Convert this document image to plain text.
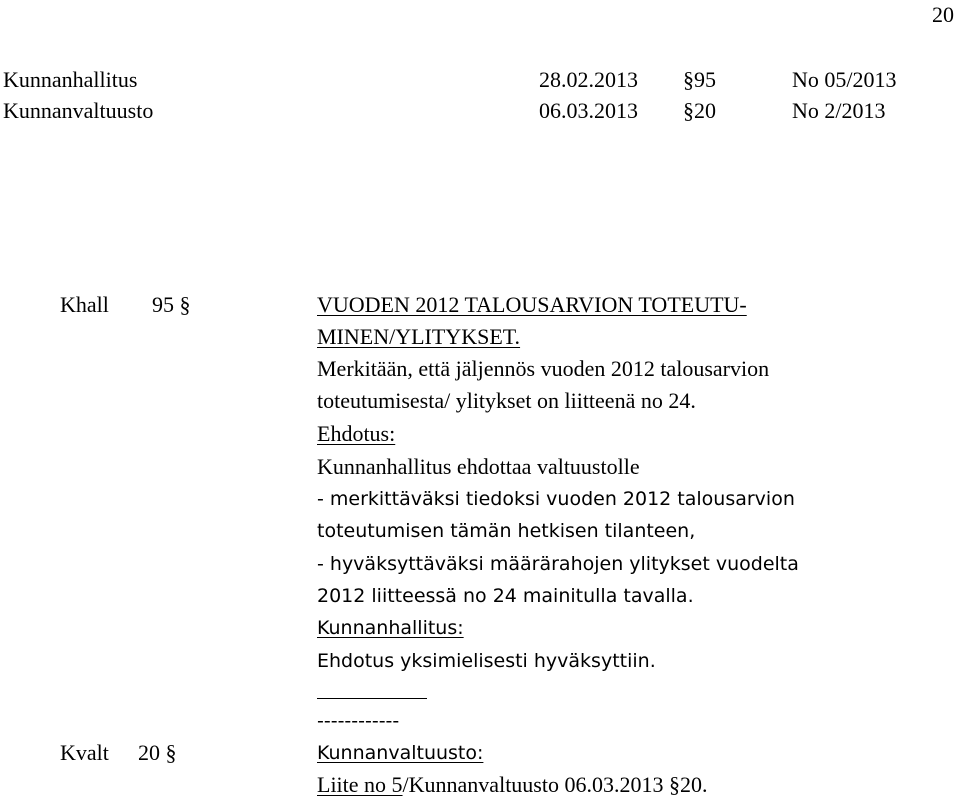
20
Kunnanhallitus	28.02.2013 §95	No 05/2013
Kunnanvaltuusto	06.03.2013 §20	No 2/2013
Khall 95 §	VUODEN 2012 TALOUSARVION TOTEUTU-
MINEN/YLITYKSET.
Merkitään, että jäljennös vuoden 2012 talousarvion
toteutumisesta/ ylitykset on liitteenä no 24.
Ehdotus:
Kunnanhallitus ehdottaa valtuustolle
- merkittäväksi tiedoksi vuoden 2012 talousarvion
toteutumisen tämän hetkisen tilanteen,
- hyväksyttäväksi määrärahojen ylitykset vuodelta
2012 liitteessä no 24 mainitulla tavalla.
Kunnanhallitus:
Ehdotus yksimielisesti hyväksyttiin.
------------
Kvalt 20 §	Kunnanvaltuusto:
Liite no 5/Kunnanvaltuusto 06.03.2013 §20.
